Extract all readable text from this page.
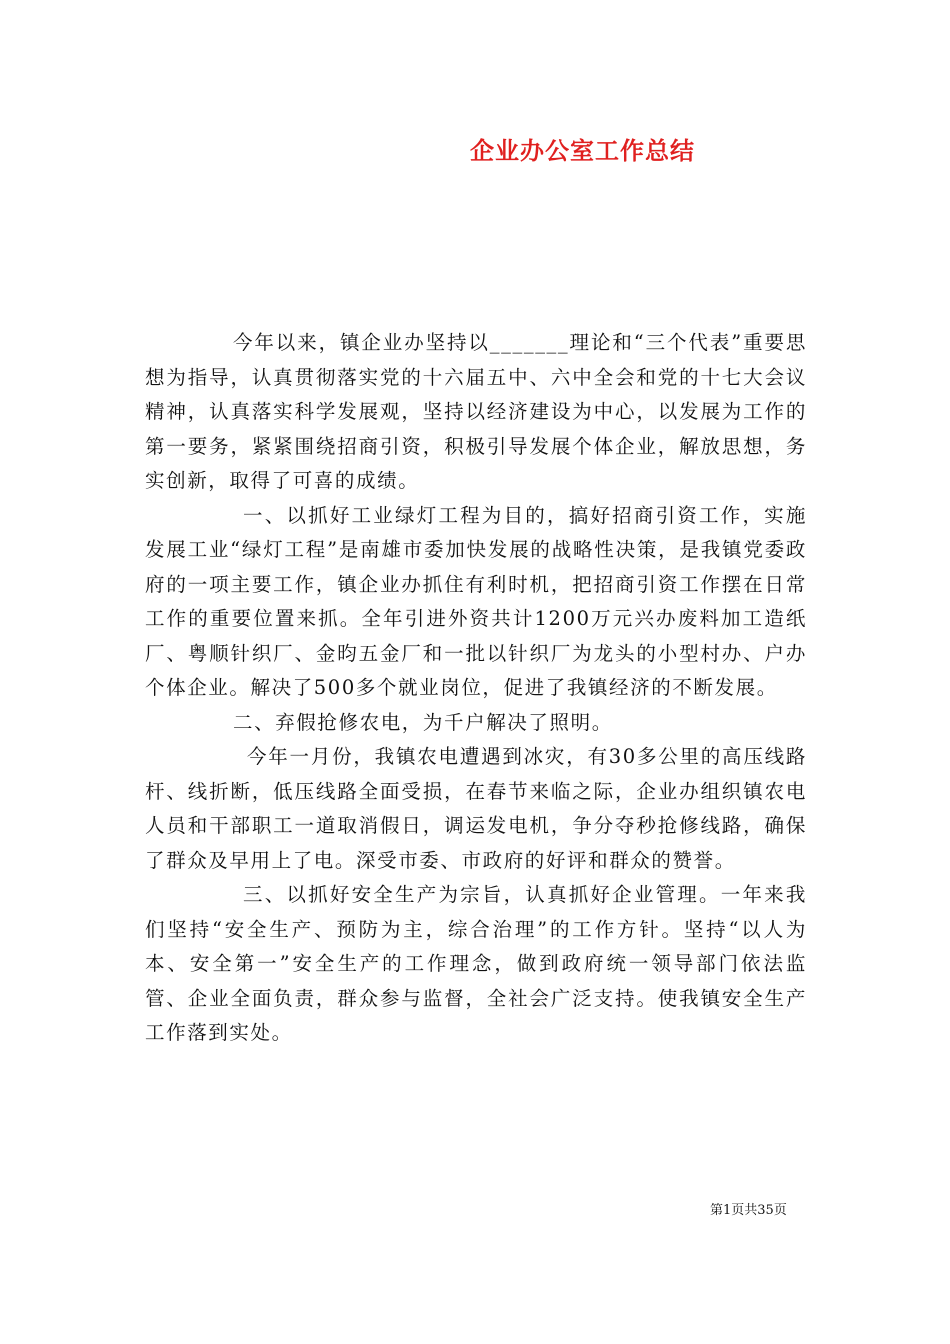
企业办公室工作总结

今年以来，镇企业办坚持以_______理论和“三个代表”重要思想为指导，认真贯彻落实党的十六届五中、六中全会和党的十七大会议精神，认真落实科学发展观，坚持以经济建设为中心，以发展为工作的第一要务，紧紧围绕招商引资，积极引导发展个体企业，解放思想，务实创新，取得了可喜的成绩。

一、以抓好工业绿灯工程为目的，搞好招商引资工作，实施发展工业“绿灯工程”是南雄市委加快发展的战略性决策，是我镇党委政府的一项主要工作，镇企业办抓住有利时机，把招商引资工作摆在日常工作的重要位置来抓。全年引进外资共计1200万元兴办废料加工造纸厂、粤顺针织厂、金昀五金厂和一批以针织厂为龙头的小型村办、户办个体企业。解决了500多个就业岗位，促进了我镇经济的不断发展。

二、弃假抢修农电，为千户解决了照明。

今年一月份，我镇农电遭遇到冰灾，有30多公里的高压线路杆、线折断，低压线路全面受损，在春节来临之际，企业办组织镇农电人员和干部职工一道取消假日，调运发电机，争分夺秒抢修线路，确保了群众及早用上了电。深受市委、市政府的好评和群众的赞誉。

三、以抓好安全生产为宗旨，认真抓好企业管理。一年来我们坚持“安全生产、预防为主，综合治理”的工作方针。坚持“以人为本、安全第一”安全生产的工作理念，做到政府统一领导部门依法监管、企业全面负责，群众参与监督，全社会广泛支持。使我镇安全生产工作落到实处。

第1页共35页
